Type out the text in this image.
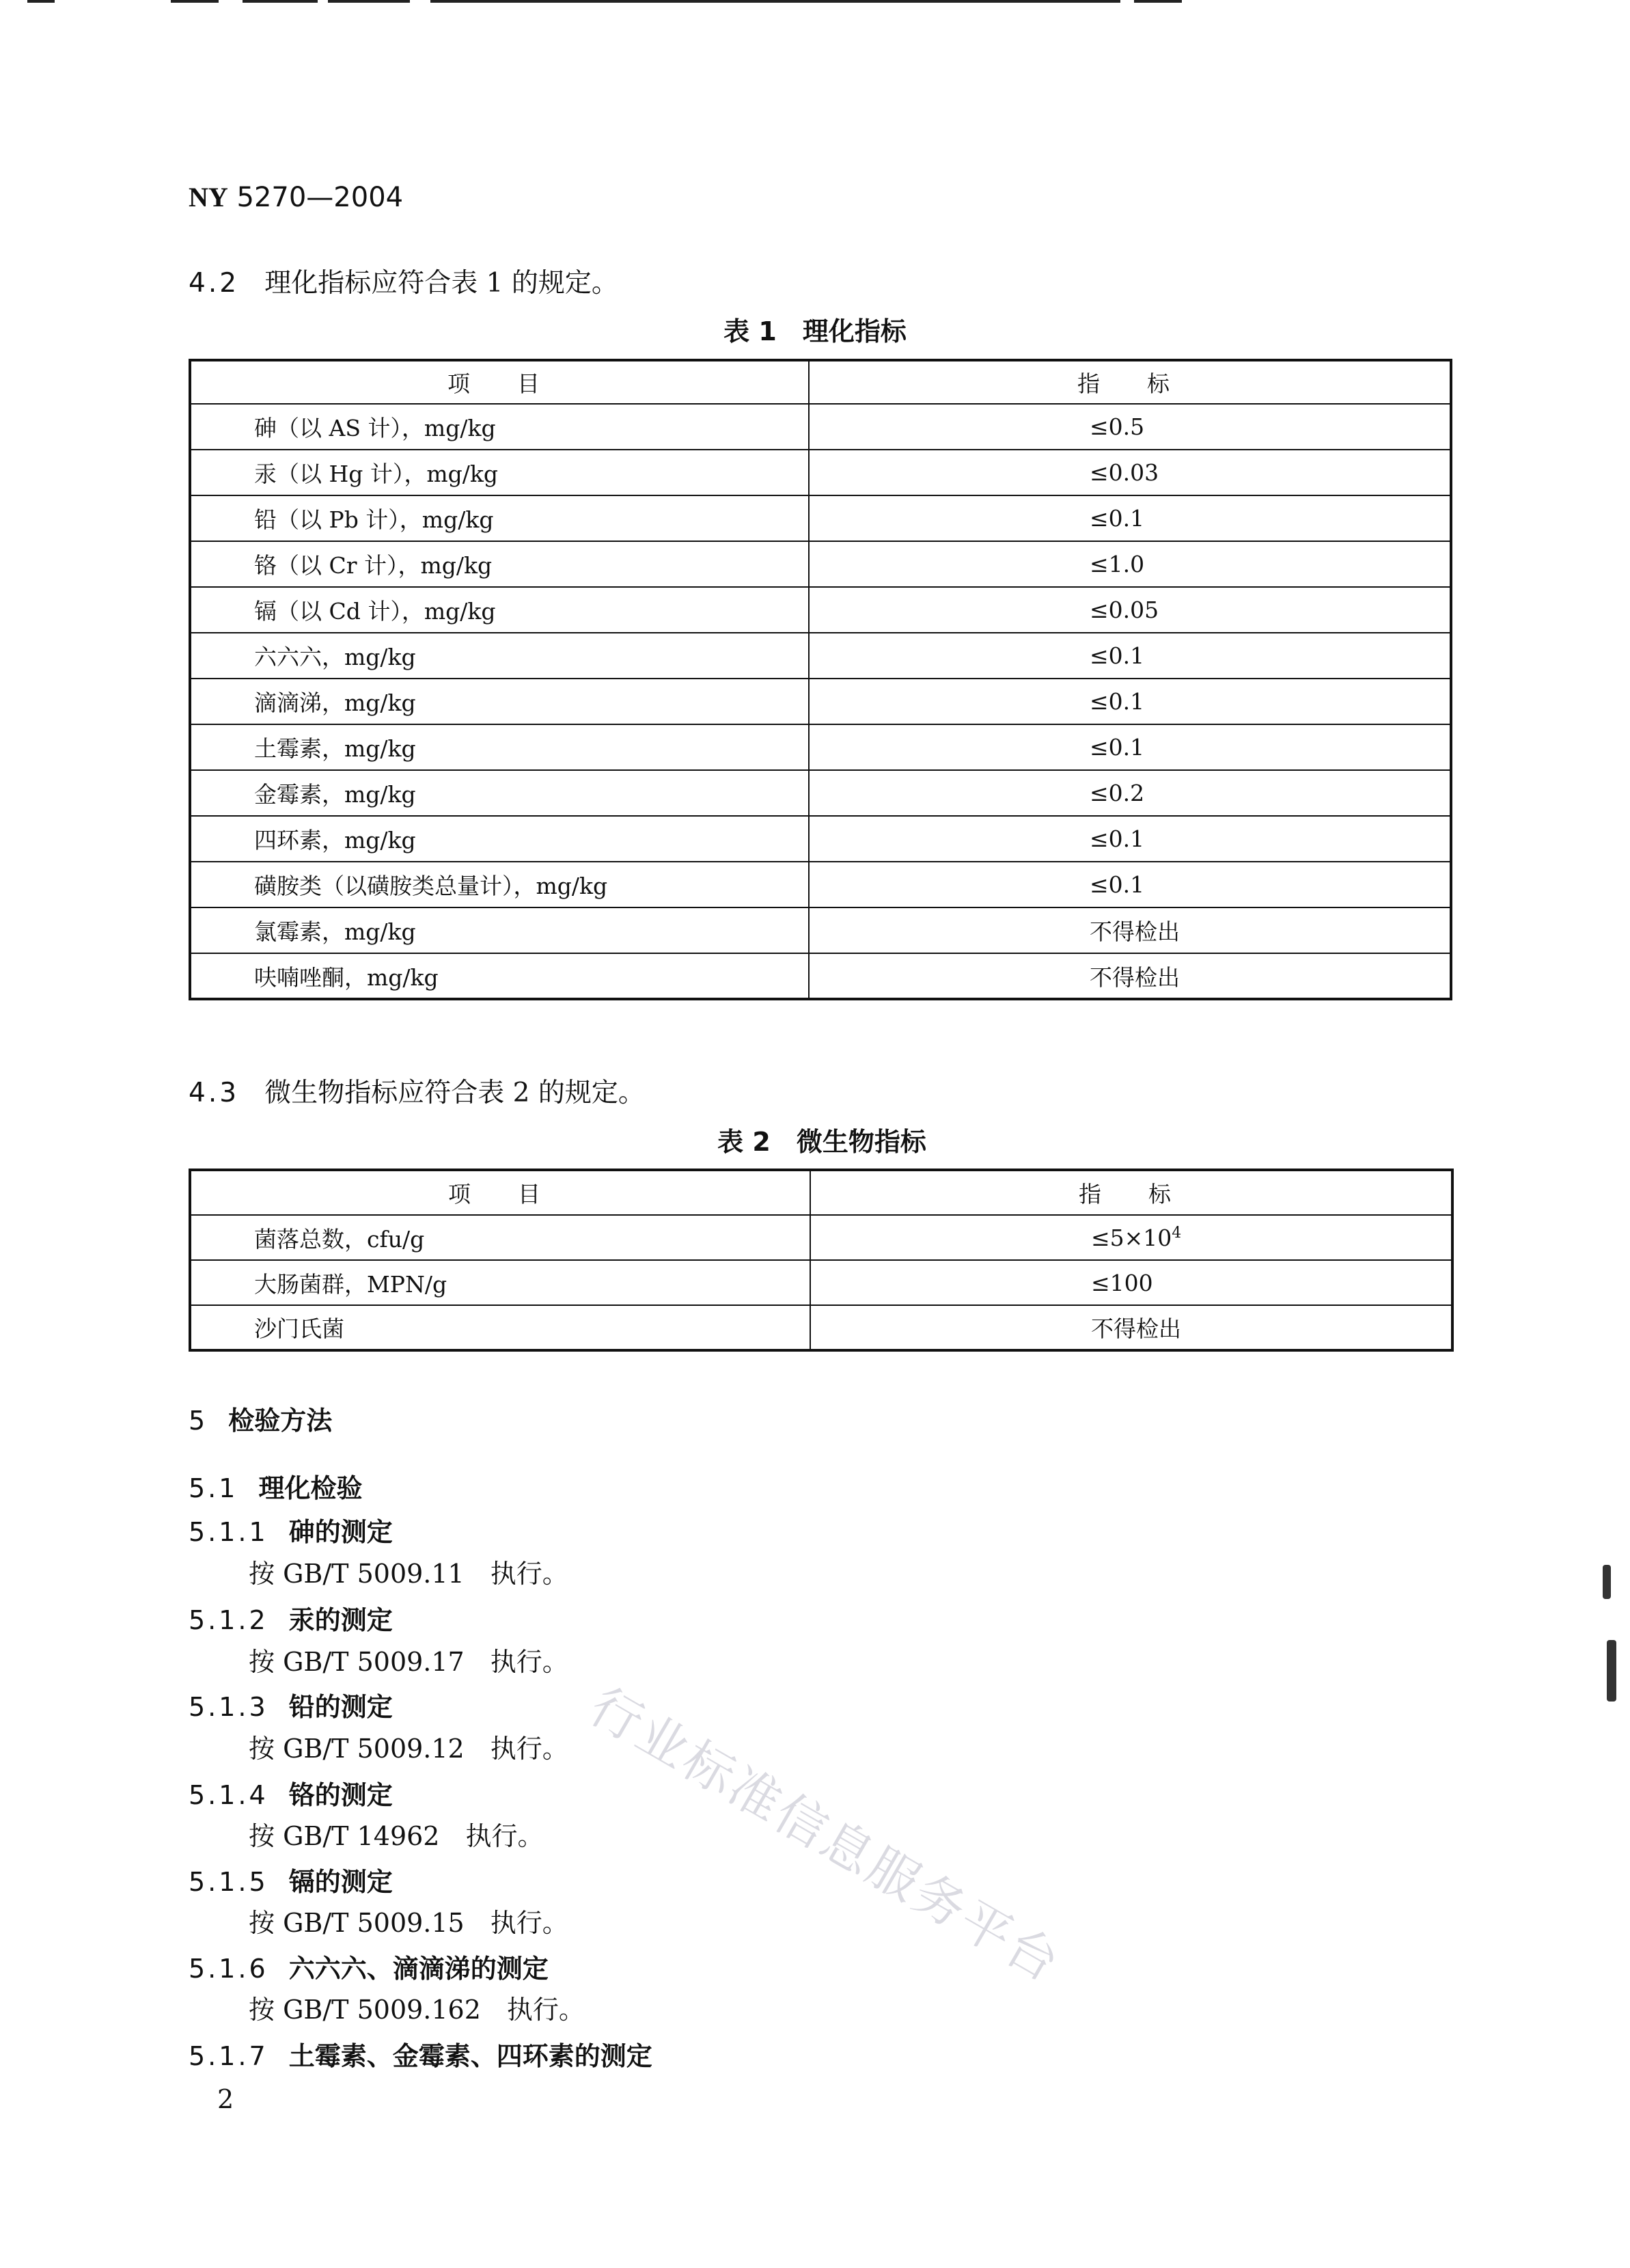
NY 5270—2004
4.2 理化指标应符合表 1 的规定。
表 1　理化指标
项　目	指　标
砷（以 AS 计），mg/kg	≤0.5
汞（以 Hg 计），mg/kg	≤0.03
铅（以 Pb 计），mg/kg	≤0.1
铬（以 Cr 计），mg/kg	≤1.0
镉（以 Cd 计），mg/kg	≤0.05
六六六，mg/kg	≤0.1
滴滴涕，mg/kg	≤0.1
土霉素，mg/kg	≤0.1
金霉素，mg/kg	≤0.2
四环素，mg/kg	≤0.1
磺胺类（以磺胺类总量计），mg/kg	≤0.1
氯霉素，mg/kg	不得检出
呋喃唑酮，mg/kg	不得检出
4.3 微生物指标应符合表 2 的规定。
表 2　微生物指标
项　目	指　标
菌落总数，cfu/g	$\le 5\times 10^4$
大肠菌群，MPN/g	≤100
沙门氏菌	不得检出
5 检验方法
5.1 理化检验
5.1.1 砷的测定
按 GB/T 5009.11　执行。
5.1.2 汞的测定
按 GB/T 5009.17　执行。
5.1.3 铅的测定
按 GB/T 5009.12　执行。
5.1.4 铬的测定
按 GB/T 14962　执行。
5.1.5 镉的测定
按 GB/T 5009.15　执行。
5.1.6 六六六、滴滴涕的测定
按 GB/T 5009.162　执行。
5.1.7 土霉素、金霉素、四环素的测定
行业标准信息服务平台
2
